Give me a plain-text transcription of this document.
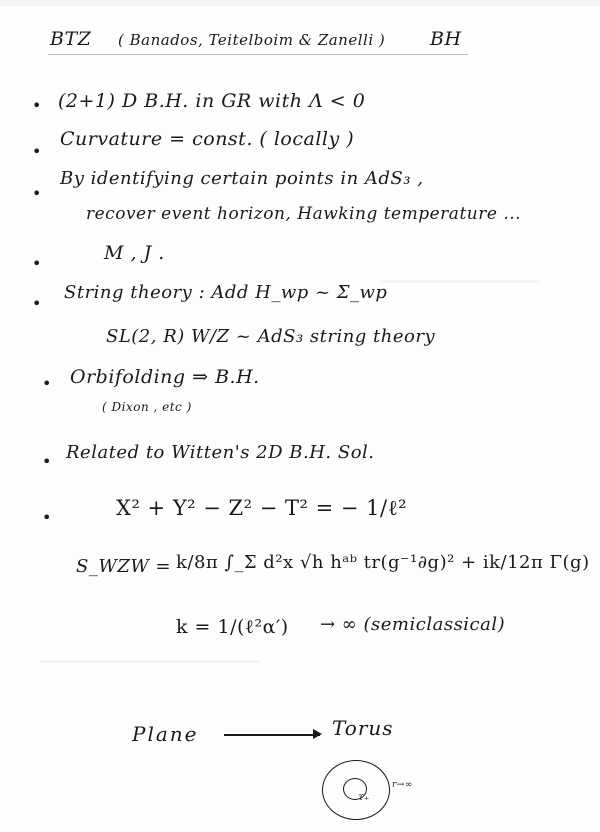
BTZ ( Banados, Teitelboim & Zanelli ) BH
• (2+1) D B.H. in GR with Λ < 0
•
Curvature = const. ( locally )
•
By identifying certain points in AdS₃ ,
recover event horizon, Hawking temperature ...
•	M , J .
•
String theory : Add H_wp ~ Σ_wp
SL(2, R) W/Z ~ AdS₃ string theory
• Orbifolding ⇒ B.H.
( Dixon , etc )
• Related to Witten's 2D B.H. Sol.
•	X² + Y² − Z² − T² = − 1/ℓ²
S_WZW = k/8π ∫_Σ d²x √h hᵃᵇ tr(g⁻¹∂g)² + ik/12π Γ(g)
k = 1/(ℓ²α′) → ∞ (semiclassical)
Plane	Torus
τ₊
r→∞
